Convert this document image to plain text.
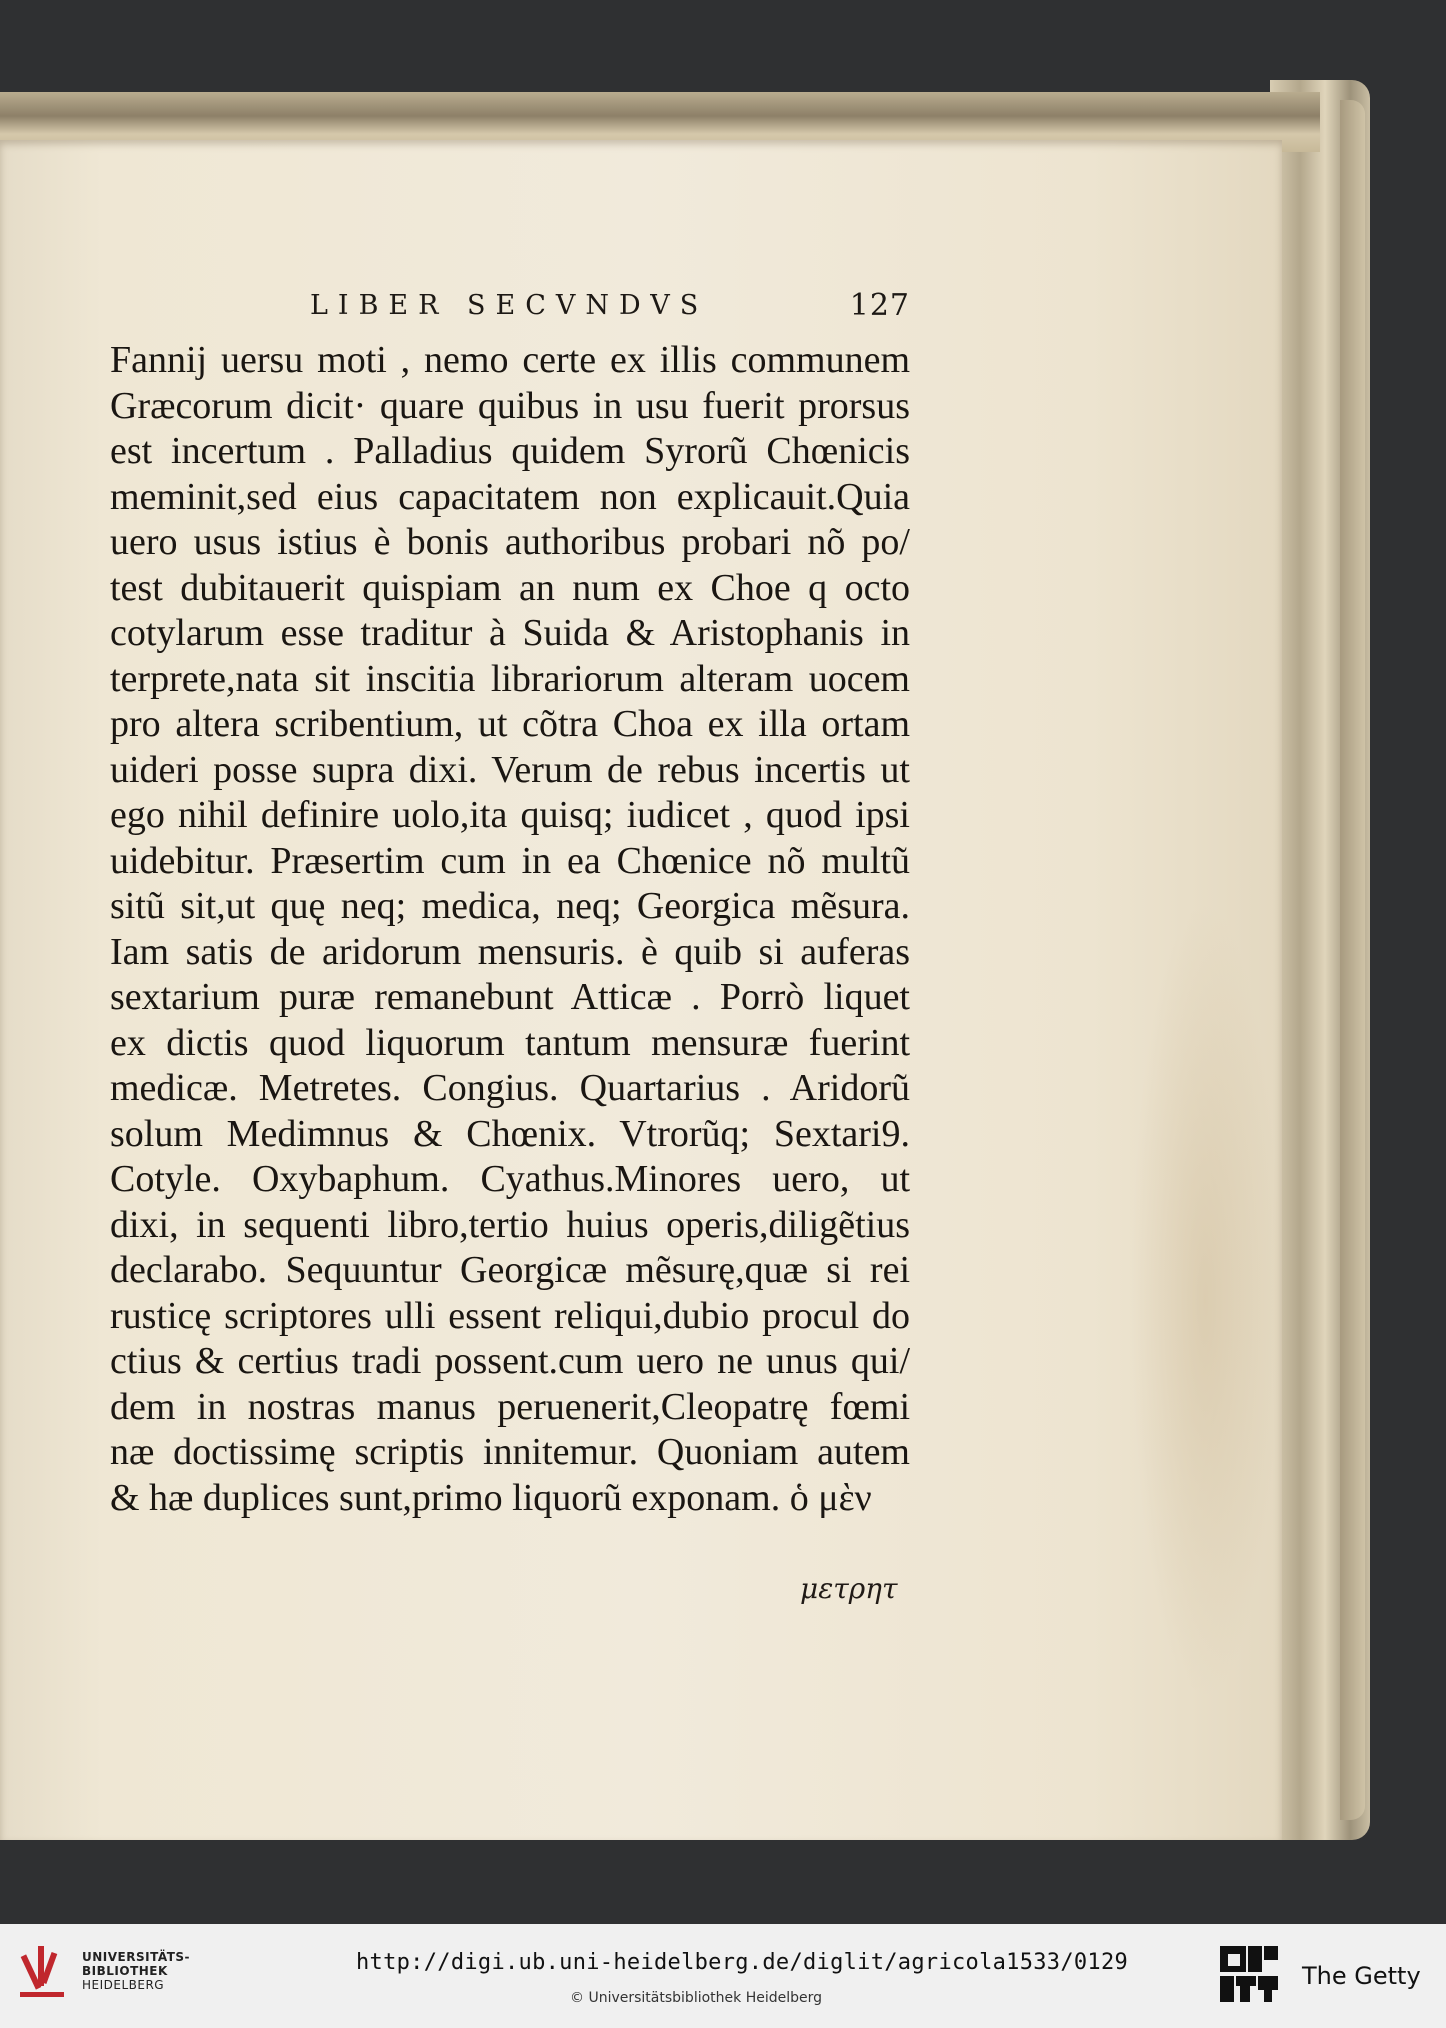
LIBER SECVNDVS	127
Fannij uersu moti , nemo certe ex illis communem
Græcorum dicit· quare quibus in usu fuerit prorsus
est incertum . Palladius quidem Syrorũ Chœnicis
meminit,sed eius capacitatem non explicauit.Quia
uero usus istius è bonis authoribus probari nõ po/
test dubitauerit quispiam an num ex Choe q octo
cotylarum esse traditur à Suida & Aristophanis in
terprete,nata sit inscitia librariorum alteram uocem
pro altera scribentium, ut cõtra Choa ex illa ortam
uideri posse supra dixi. Verum de rebus incertis ut
ego nihil definire uolo,ita quisq; iudicet , quod ipsi
uidebitur. Præsertim cum in ea Chœnice nõ multũ
sitũ sit,ut quę neq; medica, neq; Georgica mẽsura.
Iam satis de aridorum mensuris. è quib si auferas
sextarium puræ remanebunt Atticæ . Porrò liquet
ex dictis quod liquorum tantum mensuræ fuerint
medicæ. Metretes. Congius. Quartarius . Aridorũ
solum Medimnus & Chœnix. Vtrorũq; Sextari9.
Cotyle. Oxybaphum. Cyathus.Minores uero, ut
dixi, in sequenti libro,tertio huius operis,diligẽtius
declarabo. Sequuntur Georgicæ mẽsurę,quæ si rei
rusticę scriptores ulli essent reliqui,dubio procul do
ctius & certius tradi possent.cum uero ne unus qui/
dem in nostras manus peruenerit,Cleopatrę fœmi
næ doctissimę scriptis innitemur. Quoniam autem
& hæ duplices sunt,primo liquorũ exponam. ὁ μὲν
μετρητ
UNIVERSITÄTS-
BIBLIOTHEK
HEIDELBERG
http://digi.ub.uni-heidelberg.de/diglit/agricola1533/0129
© Universitätsbibliothek Heidelberg
The Getty
